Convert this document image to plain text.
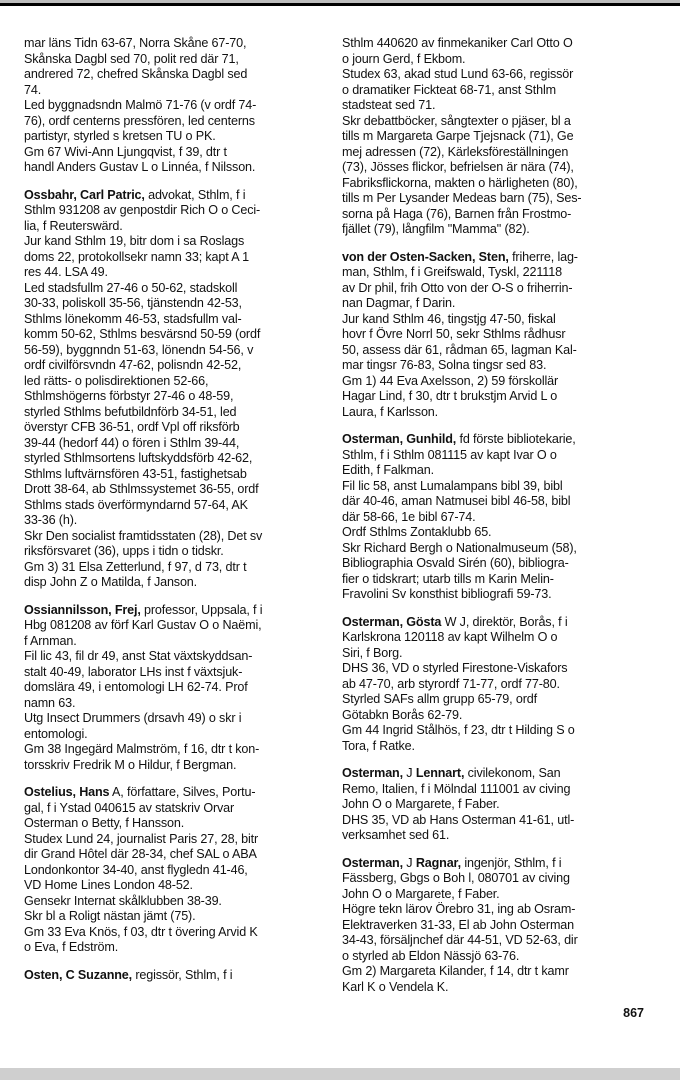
mar läns Tidn 63-67, Norra Skåne 67-70,
Skånska Dagbl sed 70, polit red där 71,
andrered 72, chefred Skånska Dagbl sed
74.
Led byggnadsndn Malmö 71-76 (v ordf 74-
76), ordf centerns pressfören, led centerns
partistyr, styrled s kretsen TU o PK.
Gm 67 Wivi-Ann Ljungqvist, f 39, dtr t
handl Anders Gustav L o Linnéa, f Nilsson.
Ossbahr, Carl Patric, advokat, Sthlm, f i
Sthlm 931208 av genpostdir Rich O o Ceci-
lia, f Reuterswärd.
Jur kand Sthlm 19, bitr dom i sa Roslags
doms 22, protokollsekr namn 33; kapt A 1
res 44. LSA 49.
Led stadsfullm 27-46 o 50-62, stadskoll
30-33, poliskoll 35-56, tjänstendn 42-53,
Sthlms lönekomm 46-53, stadsfullm val-
komm 50-62, Sthlms besvärsnd 50-59 (ordf
56-59), byggnndn 51-63, lönendn 54-56, v
ordf civilförsvndn 47-62, polisndn 42-52,
led rätts- o polisdirektionen 52-66,
Sthlmshögerns förbstyr 27-46 o 48-59,
styrled Sthlms befutbildnförb 34-51, led
överstyr CFB 36-51, ordf Vpl off riksförb
39-44 (hedorf 44) o fören i Sthlm 39-44,
styrled Sthlmsortens luftskyddsförb 42-62,
Sthlms luftvärnsfören 43-51, fastighetsab
Drott 38-64, ab Sthlmssystemet 36-55, ordf
Sthlms stads överförmyndarnd 57-64, AK
33-36 (h).
Skr Den socialist framtidsstaten (28), Det sv
riksförsvaret (36), upps i tidn o tidskr.
Gm 3) 31 Elsa Zetterlund, f 97, d 73, dtr t
disp John Z o Matilda, f Janson.
Ossiannilsson, Frej, professor, Uppsala, f i
Hbg 081208 av förf Karl Gustav O o Naëmi,
f Arnman.
Fil lic 43, fil dr 49, anst Stat växtskyddsan-
stalt 40-49, laborator LHs inst f växtsjuk-
domslära 49, i entomologi LH 62-74. Prof
namn 63.
Utg Insect Drummers (drsavh 49) o skr i
entomologi.
Gm 38 Ingegärd Malmström, f 16, dtr t kon-
torsskriv Fredrik M o Hildur, f Bergman.
Ostelius, Hans A, författare, Silves, Portu-
gal, f i Ystad 040615 av statskriv Orvar
Osterman o Betty, f Hansson.
Studex Lund 24, journalist Paris 27, 28, bitr
dir Grand Hôtel där 28-34, chef SAL o ABA
Londonkontor 34-40, anst flygledn 41-46,
VD Home Lines London 48-52.
Gensekr Internat skålklubben 38-39.
Skr bl a Roligt nästan jämt (75).
Gm 33 Eva Knös, f 03, dtr t övering Arvid K
o Eva, f Edström.
Osten, C Suzanne, regissör, Sthlm, f i
Sthlm 440620 av finmekaniker Carl Otto O
o journ Gerd, f Ekbom.
Studex 63, akad stud Lund 63-66, regissör
o dramatiker Fickteat 68-71, anst Sthlm
stadsteat sed 71.
Skr debattböcker, sångtexter o pjäser, bl a
tills m Margareta Garpe Tjejsnack (71), Ge
mej adressen (72), Kärleksföreställningen
(73), Jösses flickor, befrielsen är nära (74),
Fabriksflickorna, makten o härligheten (80),
tills m Per Lysander Medeas barn (75), Ses-
sorna på Haga (76), Barnen från Frostmo-
fjället (79), långfilm "Mamma" (82).
von der Osten-Sacken, Sten, friherre, lag-
man, Sthlm, f i Greifswald, Tyskl, 221118
av Dr phil, frih Otto von der O-S o friherrin-
nan Dagmar, f Darin.
Jur kand Sthlm 46, tingstjg 47-50, fiskal
hovr f Övre Norrl 50, sekr Sthlms rådhusr
50, assess där 61, rådman 65, lagman Kal-
mar tingsr 76-83, Solna tingsr sed 83.
Gm 1) 44 Eva Axelsson, 2) 59 förskollär
Hagar Lind, f 30, dtr t brukstjm Arvid L o
Laura, f Karlsson.
Osterman, Gunhild, fd förste bibliotekarie,
Sthlm, f i Sthlm 081115 av kapt Ivar O o
Edith, f Falkman.
Fil lic 58, anst Lumalampans bibl 39, bibl
där 40-46, aman Natmusei bibl 46-58, bibl
där 58-66, 1e bibl 67-74.
Ordf Sthlms Zontaklubb 65.
Skr Richard Bergh o Nationalmuseum (58),
Bibliographia Osvald Sirén (60), bibliogra-
fier o tidskrart; utarb tills m Karin Melin-
Fravolini Sv konsthist bibliografi 59-73.
Osterman, Gösta W J, direktör, Borås, f i
Karlskrona 120118 av kapt Wilhelm O o
Siri, f Borg.
DHS 36, VD o styrled Firestone-Viskafors
ab 47-70, arb styrordf 71-77, ordf 77-80.
Styrled SAFs allm grupp 65-79, ordf
Götabkn Borås 62-79.
Gm 44 Ingrid Stålhös, f 23, dtr t Hilding S o
Tora, f Ratke.
Osterman, J Lennart, civilekonom, San
Remo, Italien, f i Mölndal 111001 av civing
John O o Margarete, f Faber.
DHS 35, VD ab Hans Osterman 41-61, utl-
verksamhet sed 61.
Osterman, J Ragnar, ingenjör, Sthlm, f i
Fässberg, Gbgs o Boh l, 080701 av civing
John O o Margarete, f Faber.
Högre tekn lärov Örebro 31, ing ab Osram-
Elektraverken 31-33, El ab John Osterman
34-43, försäljnchef där 44-51, VD 52-63, dir
o styrled ab Eldon Nässjö 63-76.
Gm 2) Margareta Kilander, f 14, dtr t kamr
Karl K o Vendela K.
867
